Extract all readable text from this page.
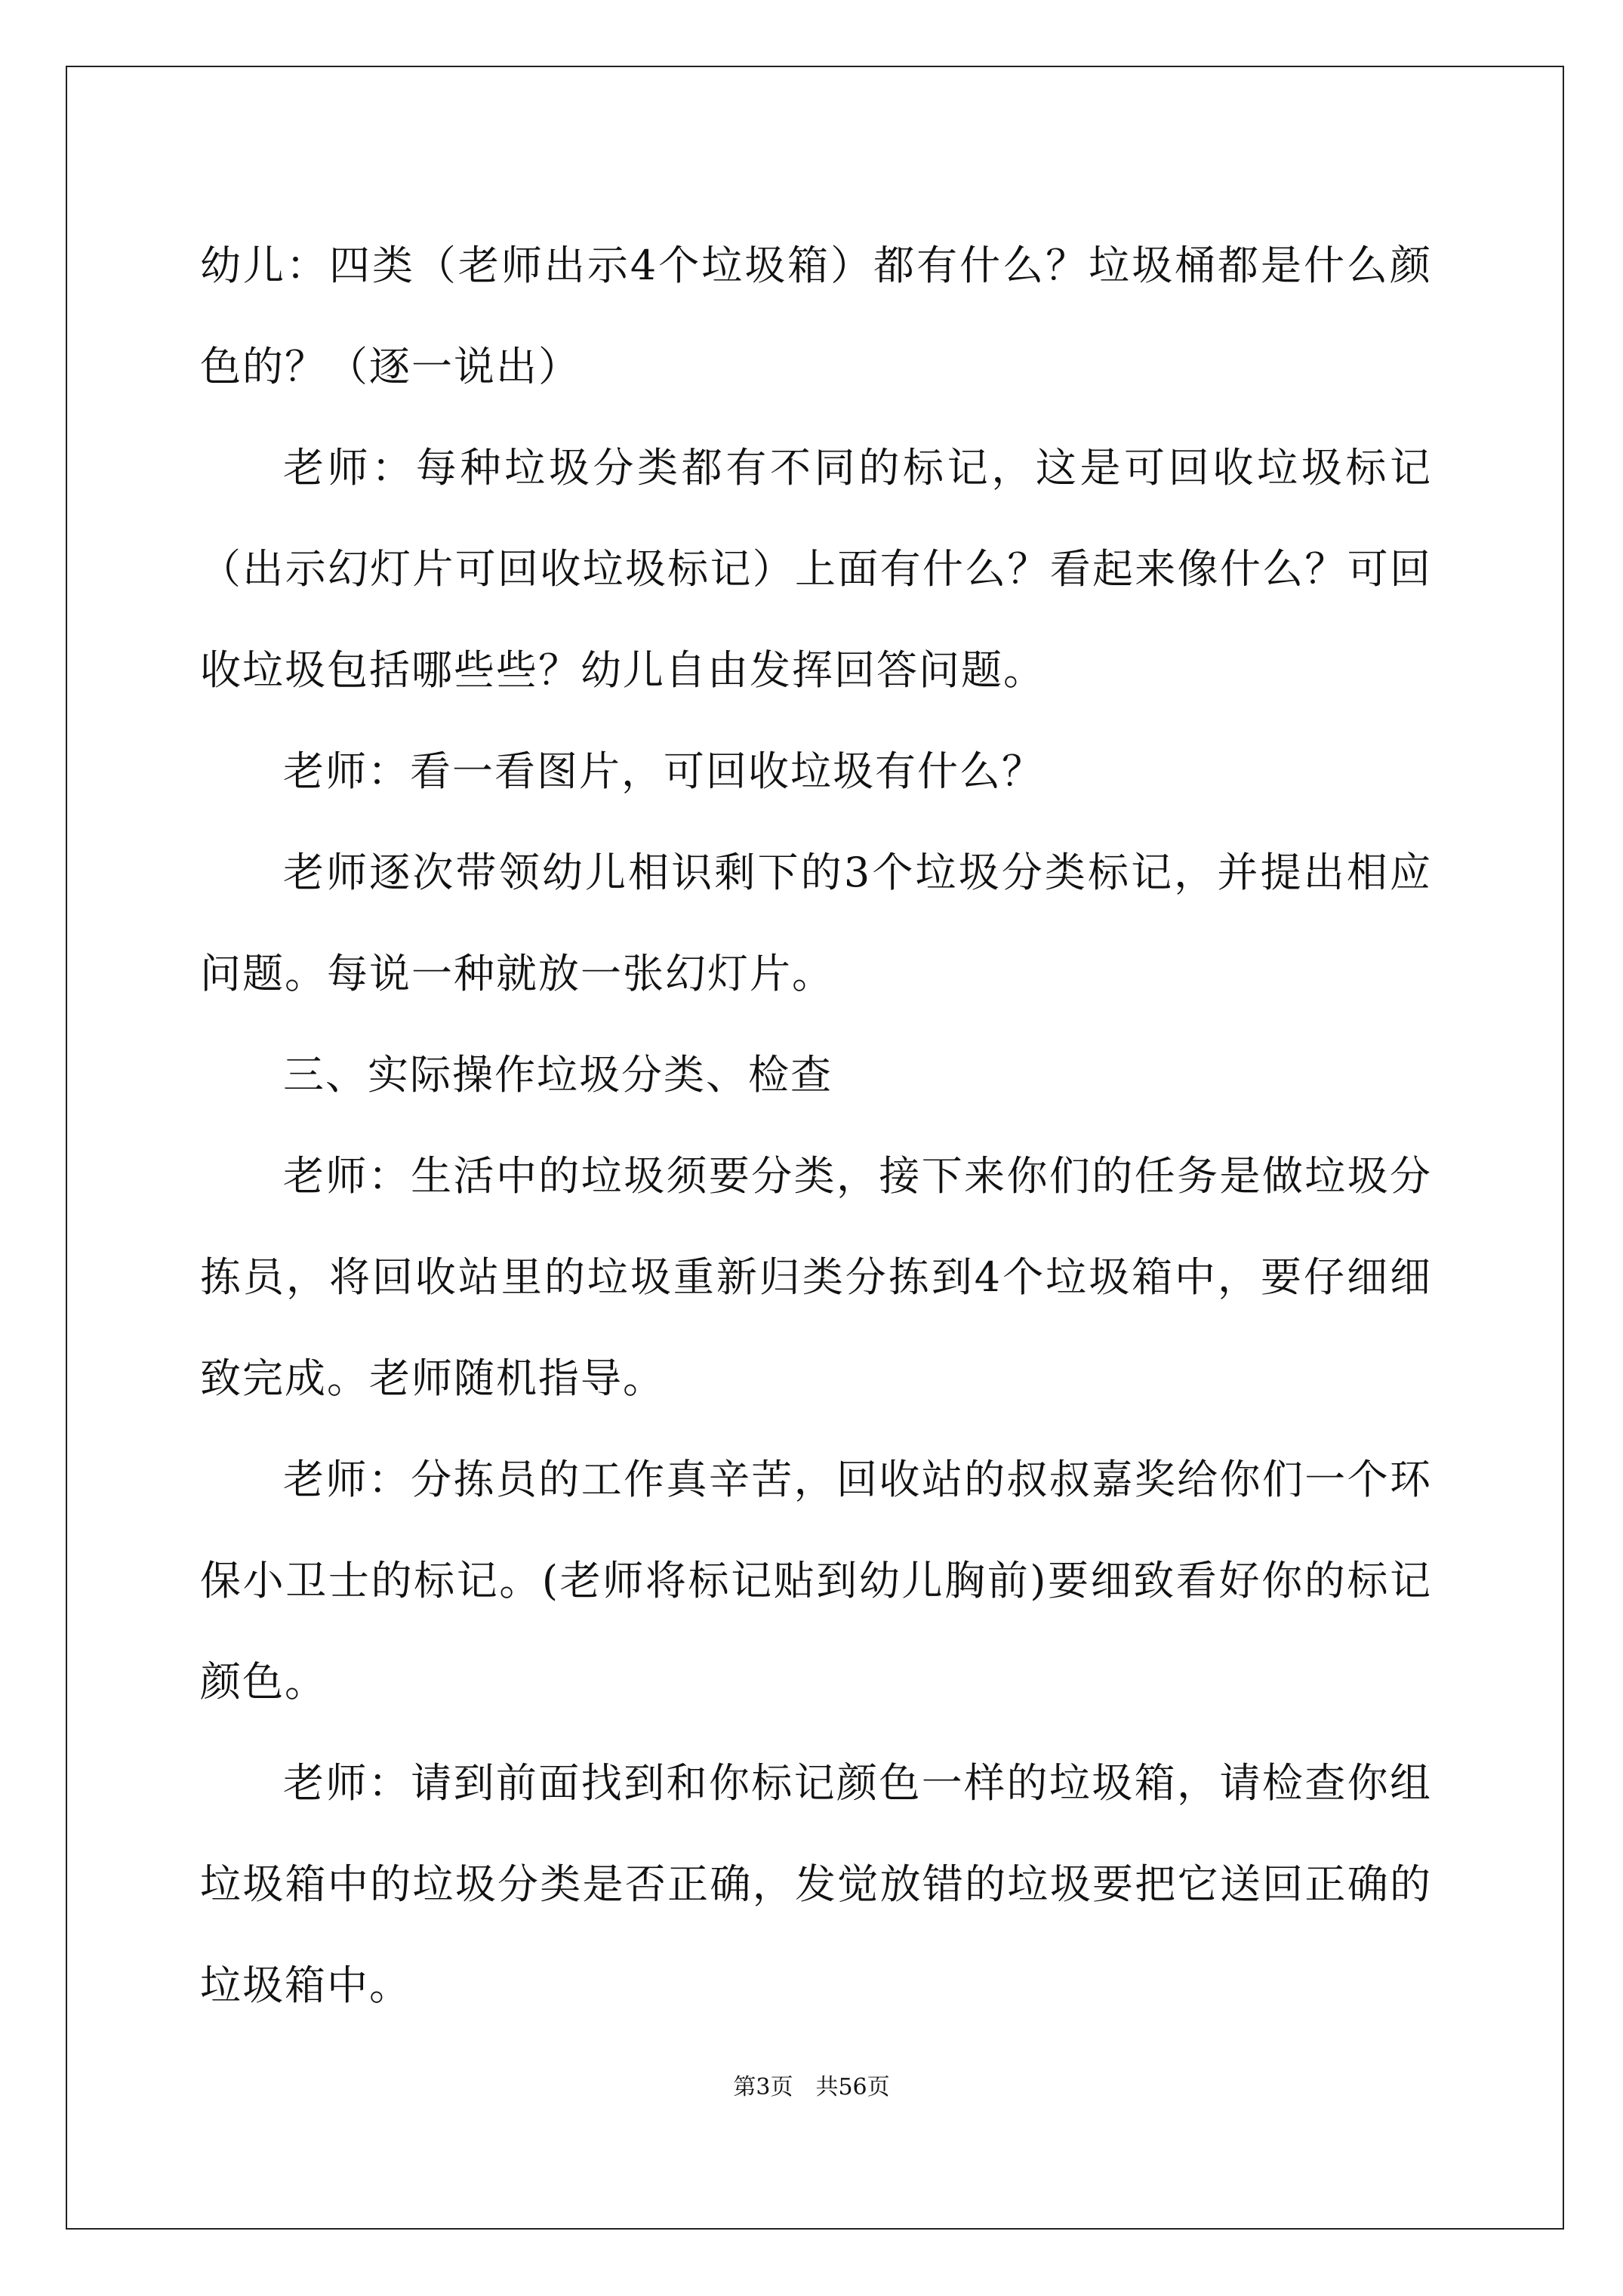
幼儿：四类（老师出示4个垃圾箱）都有什么？垃圾桶都是什么颜色的？（逐一说出）

老师：每种垃圾分类都有不同的标记，这是可回收垃圾标记（出示幻灯片可回收垃圾标记）上面有什么？看起来像什么？可回收垃圾包括哪些些？幼儿自由发挥回答问题。

老师：看一看图片，可回收垃圾有什么？

老师逐次带领幼儿相识剩下的3个垃圾分类标记，并提出相应问题。每说一种就放一张幻灯片。

三、实际操作垃圾分类、检查

老师：生活中的垃圾须要分类，接下来你们的任务是做垃圾分拣员，将回收站里的垃圾重新归类分拣到4个垃圾箱中，要仔细细致完成。老师随机指导。

老师：分拣员的工作真辛苦，回收站的叔叔嘉奖给你们一个环保小卫士的标记。(老师将标记贴到幼儿胸前)要细致看好你的标记颜色。

老师：请到前面找到和你标记颜色一样的垃圾箱，请检查你组垃圾箱中的垃圾分类是否正确，发觉放错的垃圾要把它送回正确的垃圾箱中。

第3页　共56页
